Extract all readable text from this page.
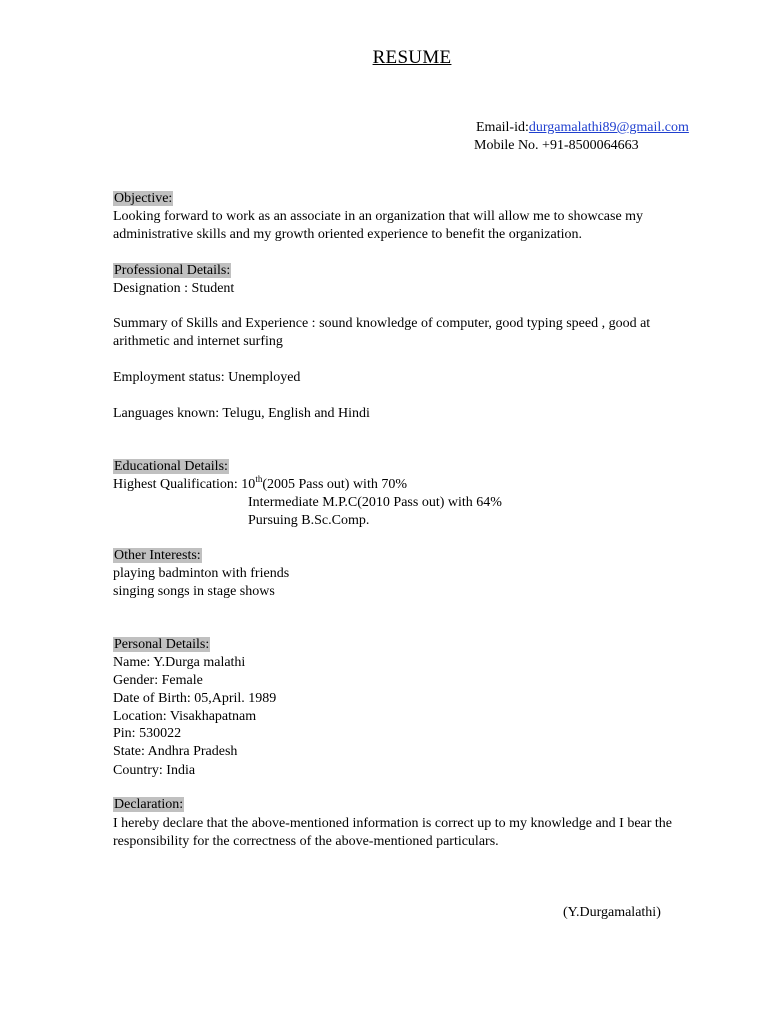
RESUME
Email-id:durgamalathi89@gmail.com
Mobile No. +91-8500064663
Objective:
Looking forward to work as an associate in an organization that will allow me to showcase my administrative skills and my growth oriented experience to benefit the organization.
Professional Details:
Designation : Student
Summary of Skills and Experience : sound knowledge of computer, good typing speed , good at arithmetic and internet surfing
Employment status: Unemployed
Languages known: Telugu, English and Hindi
Educational Details:
Highest Qualification: 10th(2005 Pass out) with 70%
Intermediate M.P.C(2010 Pass out) with 64%
Pursuing B.Sc.Comp.
Other Interests:
playing badminton with friends
singing songs in stage shows
Personal Details:
Name: Y.Durga malathi
Gender: Female
Date of Birth: 05,April. 1989
Location: Visakhapatnam
Pin: 530022
State: Andhra Pradesh
Country: India
Declaration:
I hereby declare that the above-mentioned information is correct up to my knowledge and I bear the responsibility for the correctness of the above-mentioned particulars.
(Y.Durgamalathi)
